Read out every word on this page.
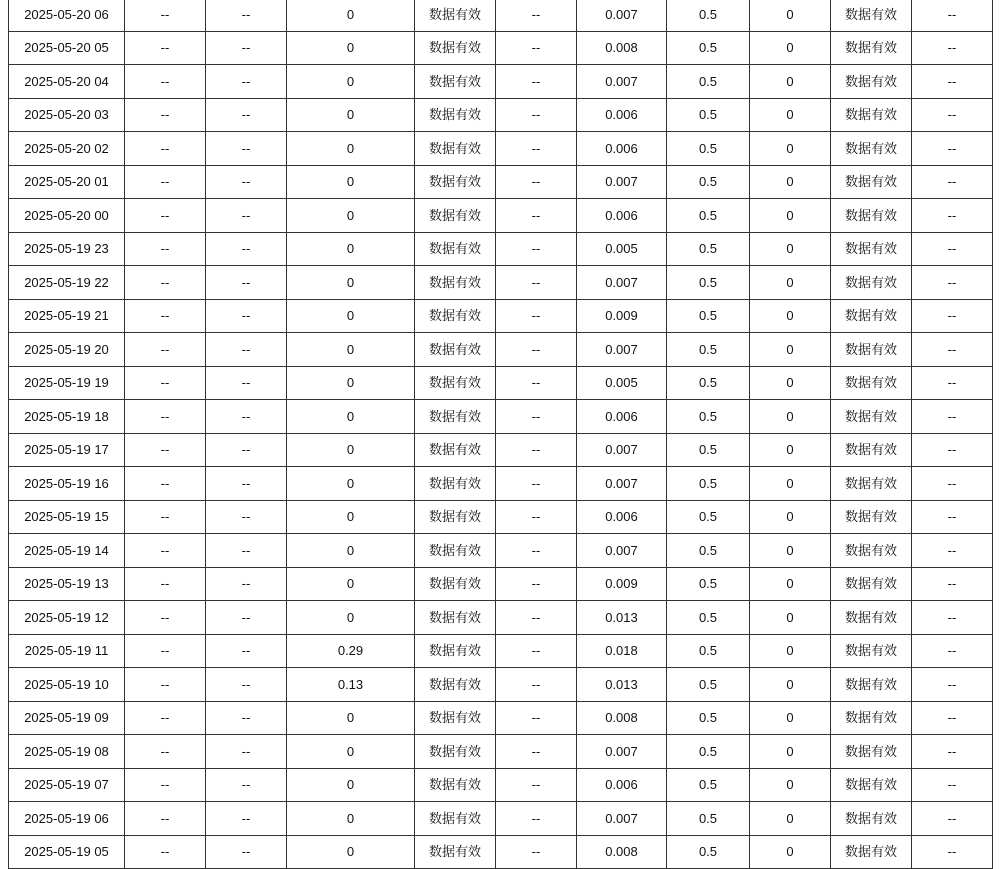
2025-05-20 06	--	--	0	数据有效	--	0.007	0.5	0	数据有效	--
2025-05-20 05	--	--	0	数据有效	--	0.008	0.5	0	数据有效	--
2025-05-20 04	--	--	0	数据有效	--	0.007	0.5	0	数据有效	--
2025-05-20 03	--	--	0	数据有效	--	0.006	0.5	0	数据有效	--
2025-05-20 02	--	--	0	数据有效	--	0.006	0.5	0	数据有效	--
2025-05-20 01	--	--	0	数据有效	--	0.007	0.5	0	数据有效	--
2025-05-20 00	--	--	0	数据有效	--	0.006	0.5	0	数据有效	--
2025-05-19 23	--	--	0	数据有效	--	0.005	0.5	0	数据有效	--
2025-05-19 22	--	--	0	数据有效	--	0.007	0.5	0	数据有效	--
2025-05-19 21	--	--	0	数据有效	--	0.009	0.5	0	数据有效	--
2025-05-19 20	--	--	0	数据有效	--	0.007	0.5	0	数据有效	--
2025-05-19 19	--	--	0	数据有效	--	0.005	0.5	0	数据有效	--
2025-05-19 18	--	--	0	数据有效	--	0.006	0.5	0	数据有效	--
2025-05-19 17	--	--	0	数据有效	--	0.007	0.5	0	数据有效	--
2025-05-19 16	--	--	0	数据有效	--	0.007	0.5	0	数据有效	--
2025-05-19 15	--	--	0	数据有效	--	0.006	0.5	0	数据有效	--
2025-05-19 14	--	--	0	数据有效	--	0.007	0.5	0	数据有效	--
2025-05-19 13	--	--	0	数据有效	--	0.009	0.5	0	数据有效	--
2025-05-19 12	--	--	0	数据有效	--	0.013	0.5	0	数据有效	--
2025-05-19 11	--	--	0.29	数据有效	--	0.018	0.5	0	数据有效	--
2025-05-19 10	--	--	0.13	数据有效	--	0.013	0.5	0	数据有效	--
2025-05-19 09	--	--	0	数据有效	--	0.008	0.5	0	数据有效	--
2025-05-19 08	--	--	0	数据有效	--	0.007	0.5	0	数据有效	--
2025-05-19 07	--	--	0	数据有效	--	0.006	0.5	0	数据有效	--
2025-05-19 06	--	--	0	数据有效	--	0.007	0.5	0	数据有效	--
2025-05-19 05	--	--	0	数据有效	--	0.008	0.5	0	数据有效	--
